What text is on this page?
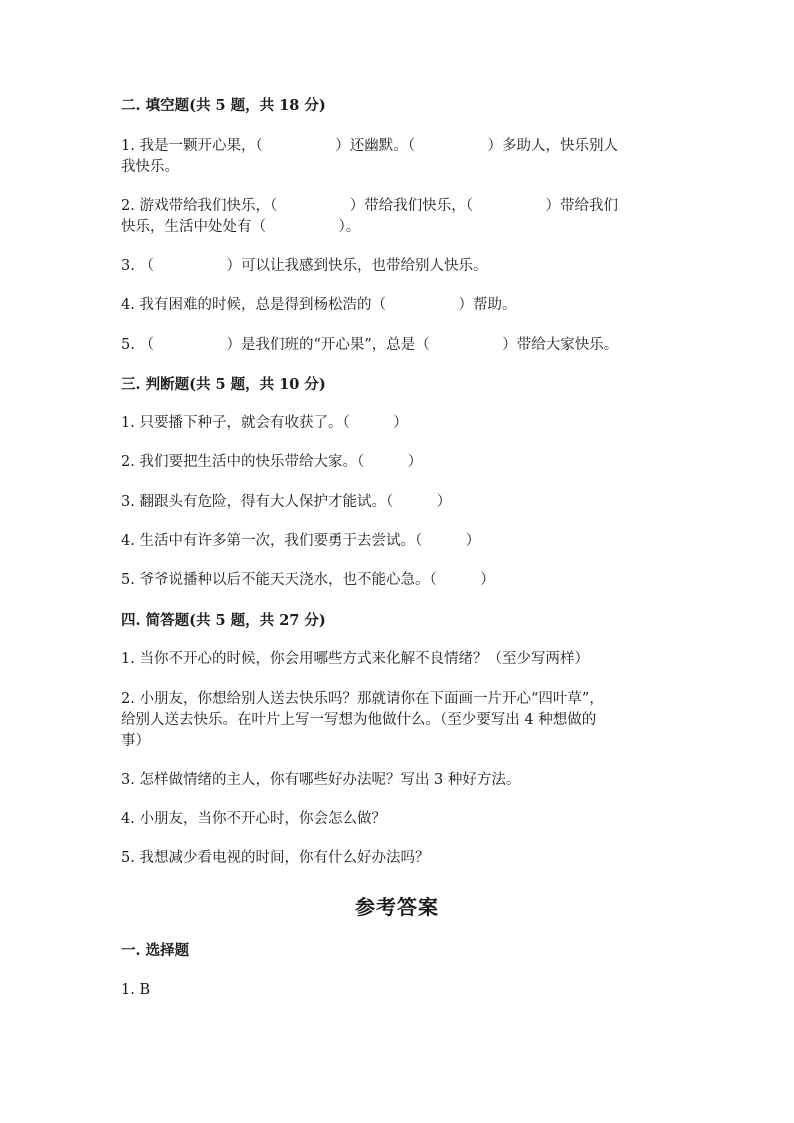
二. 填空题(共 5 题，共 18 分)
1. 我是一颗开心果，（　　　　　）还幽默。（　　　　　）多助人，快乐别人
我快乐。
2. 游戏带给我们快乐，（　　　　　）带给我们快乐，（　　　　　）带给我们
快乐，生活中处处有（　　　　　）。
3. （　　　　　）可以让我感到快乐，也带给别人快乐。
4. 我有困难的时候，总是得到杨松浩的（　　　　　）帮助。
5. （　　　　　）是我们班的“开心果”，总是（　　　　　）带给大家快乐。
三. 判断题(共 5 题，共 10 分)
1. 只要播下种子，就会有收获了。（　　　）
2. 我们要把生活中的快乐带给大家。（　　　）
3. 翻跟头有危险，得有大人保护才能试。（　　　）
4. 生活中有许多第一次，我们要勇于去尝试。（　　　）
5. 爷爷说播种以后不能天天浇水，也不能心急。（　　　）
四. 简答题(共 5 题，共 27 分)
1. 当你不开心的时候，你会用哪些方式来化解不良情绪？（至少写两样）
2. 小朋友，你想给别人送去快乐吗？那就请你在下面画一片开心“四叶草”，
给别人送去快乐。在叶片上写一写想为他做什么。（至少要写出 4 种想做的
事）
3. 怎样做情绪的主人，你有哪些好办法呢？写出 3 种好方法。
4. 小朋友，当你不开心时，你会怎么做？
5. 我想减少看电视的时间，你有什么好办法吗？
参考答案
一. 选择题
1. B
